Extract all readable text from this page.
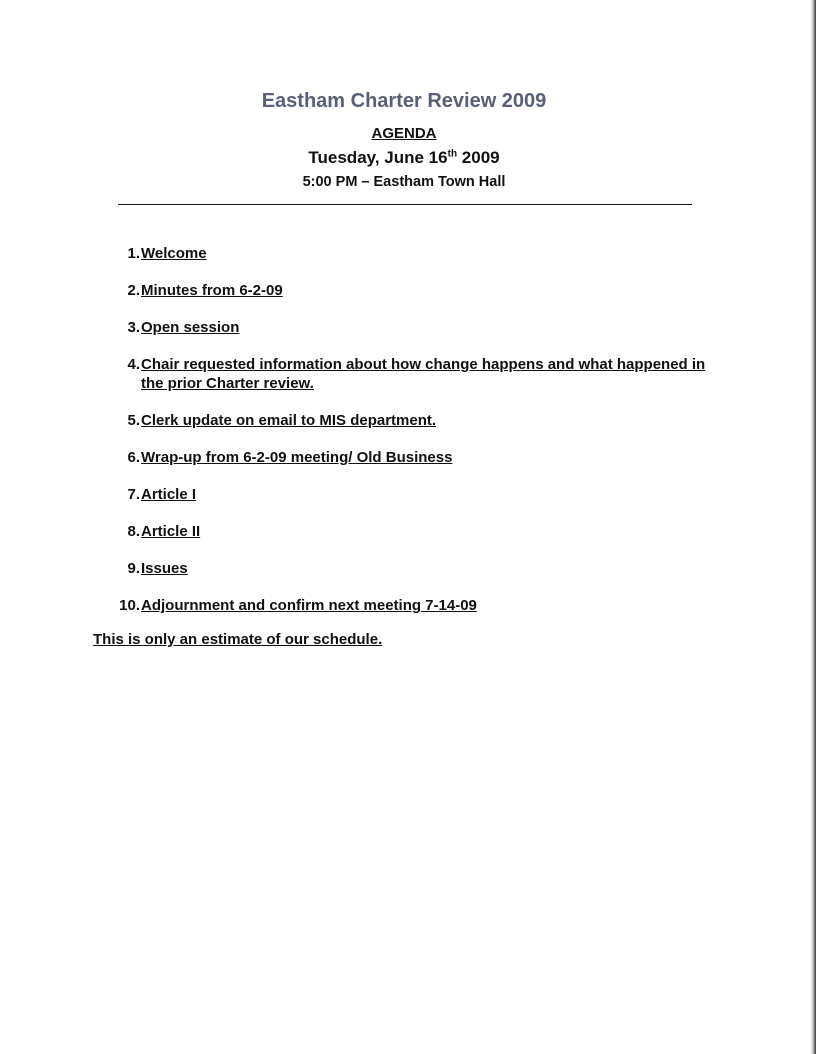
Eastham Charter Review 2009
AGENDA
Tuesday, June 16th 2009
5:00 PM – Eastham Town Hall
1. Welcome
2. Minutes from 6-2-09
3. Open session
4. Chair requested information about how change happens and what happened in the prior Charter review.
5. Clerk update on email to MIS department.
6. Wrap-up from 6-2-09 meeting/ Old Business
7. Article I
8. Article II
9. Issues
10. Adjournment and confirm next meeting 7-14-09
This is only an estimate of our schedule.
